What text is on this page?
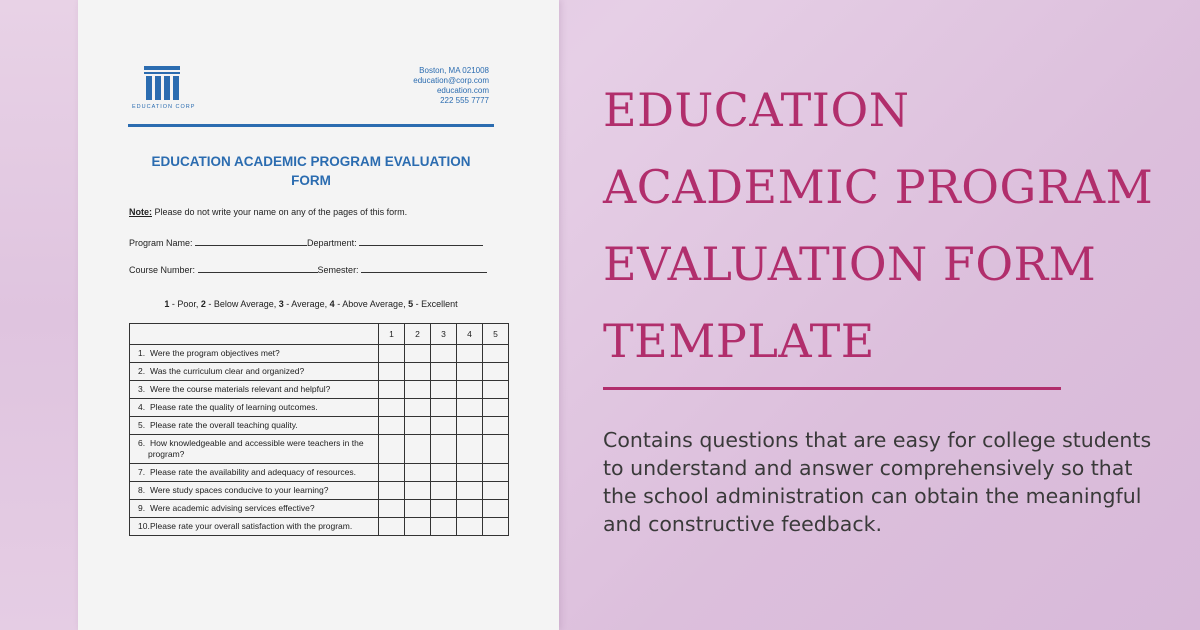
EDUCATION CORP
Boston, MA 021008
education@corp.com
education.com
222 555 7777
EDUCATION ACADEMIC PROGRAM EVALUATION
FORM
Note: Please do not write your name on any of the pages of this form.
Program Name:	Department:
Course Number:	Semester:
1 - Poor, 2 - Below Average, 3 - Average, 4 - Above Average, 5 - Excellent
	1	2	3	4	5
1. Were the program objectives met?					
2. Was the curriculum clear and organized?					
3. Were the course materials relevant and helpful?					
4. Please rate the quality of learning outcomes.					
5. Please rate the overall teaching quality.					
6. How knowledgeable and accessible were teachers in the program?					
7. Please rate the availability and adequacy of resources.					
8. Were study spaces conducive to your learning?					
9. Were academic advising services effective?					
10.Please rate your overall satisfaction with the program.					
EDUCATION
ACADEMIC PROGRAM
EVALUATION FORM
TEMPLATE
Contains questions that are easy for college students to understand and answer comprehensively so that the school administration can obtain the meaningful and constructive feedback.
